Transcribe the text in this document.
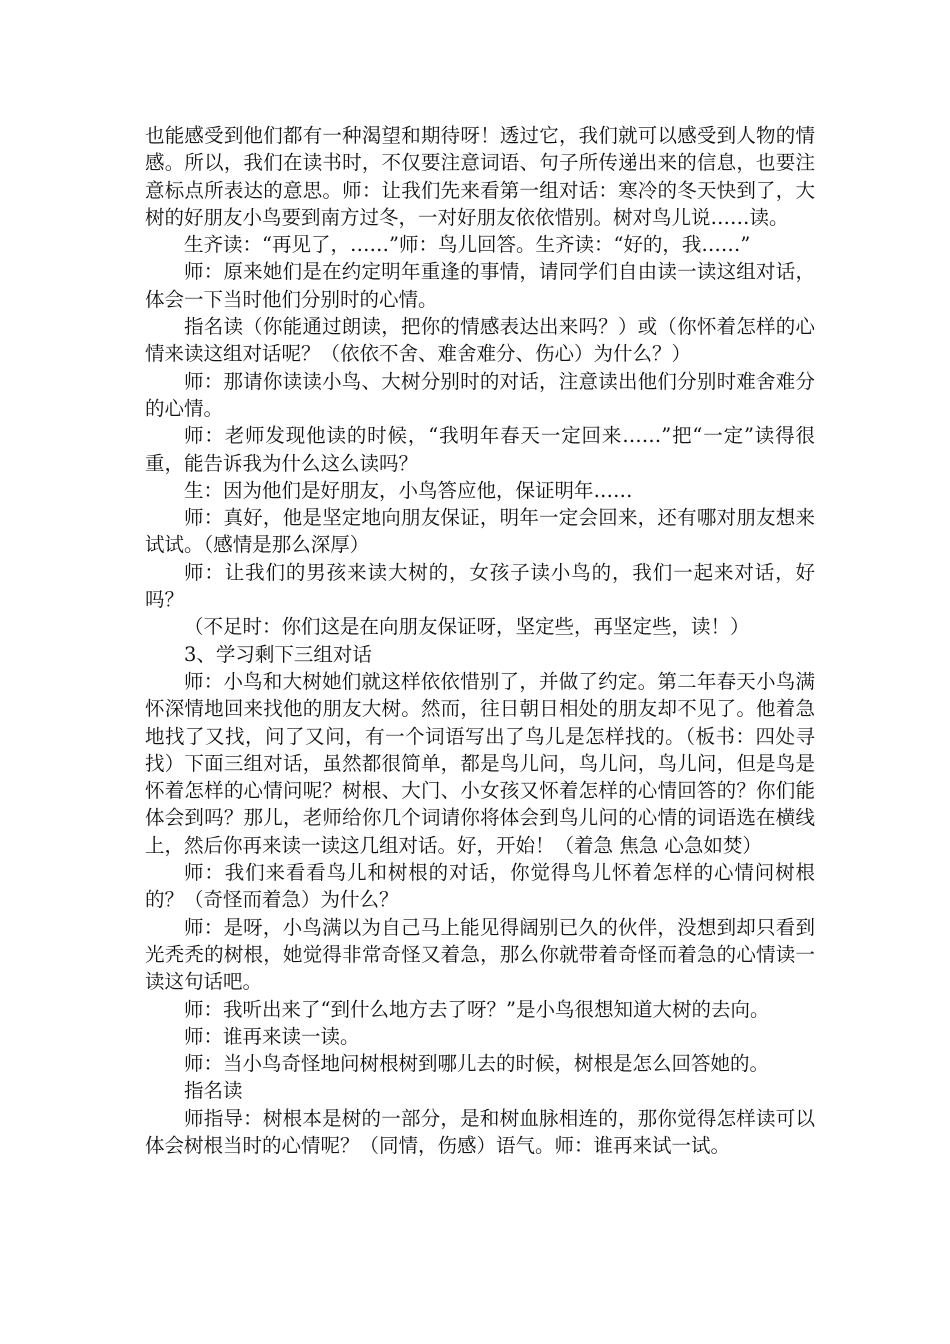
也能感受到他们都有一种渴望和期待呀！透过它，我们就可以感受到人物的情感。所以，我们在读书时，不仅要注意词语、句子所传递出来的信息，也要注意标点所表达的意思。师：让我们先来看第一组对话：寒冷的冬天快到了，大树的好朋友小鸟要到南方过冬，一对好朋友依依惜别。树对鸟儿说……读。

生齐读：“再见了，……”师：鸟儿回答。生齐读：“好的，我……”

师：原来她们是在约定明年重逢的事情，请同学们自由读一读这组对话，体会一下当时他们分别时的心情。

指名读（你能通过朗读，把你的情感表达出来吗？）或（你怀着怎样的心情来读这组对话呢？（依依不舍、难舍难分、伤心）为什么？）

师：那请你读读小鸟、大树分别时的对话，注意读出他们分别时难舍难分的心情。

师：老师发现他读的时候，“我明年春天一定回来……”把“一定”读得很重，能告诉我为什么这么读吗？

生：因为他们是好朋友，小鸟答应他，保证明年……

师：真好，他是坚定地向朋友保证，明年一定会回来，还有哪对朋友想来试试。（感情是那么深厚）

师：让我们的男孩来读大树的，女孩子读小鸟的，我们一起来对话，好吗？

（不足时：你们这是在向朋友保证呀，坚定些，再坚定些，读！）

3、学习剩下三组对话

师：小鸟和大树她们就这样依依惜别了，并做了约定。第二年春天小鸟满怀深情地回来找他的朋友大树。然而，往日朝日相处的朋友却不见了。他着急地找了又找，问了又问，有一个词语写出了鸟儿是怎样找的。（板书：四处寻找）下面三组对话，虽然都很简单，都是鸟儿问，鸟儿问，鸟儿问，但是鸟是怀着怎样的心情问呢？树根、大门、小女孩又怀着怎样的心情回答的？你们能体会到吗？那儿，老师给你几个词请你将体会到鸟儿问的心情的词语选在横线上，然后你再来读一读这几组对话。好，开始！（着急 焦急 心急如焚）

师：我们来看看鸟儿和树根的对话，你觉得鸟儿怀着怎样的心情问树根的？（奇怪而着急）为什么？

师：是呀，小鸟满以为自己马上能见得阔别已久的伙伴，没想到却只看到光秃秃的树根，她觉得非常奇怪又着急，那么你就带着奇怪而着急的心情读一读这句话吧。

师：我听出来了“到什么地方去了呀？”是小鸟很想知道大树的去向。

师：谁再来读一读。

师：当小鸟奇怪地问树根树到哪儿去的时候，树根是怎么回答她的。

指名读

师指导：树根本是树的一部分，是和树血脉相连的，那你觉得怎样读可以体会树根当时的心情呢？（同情，伤感）语气。师：谁再来试一试。
